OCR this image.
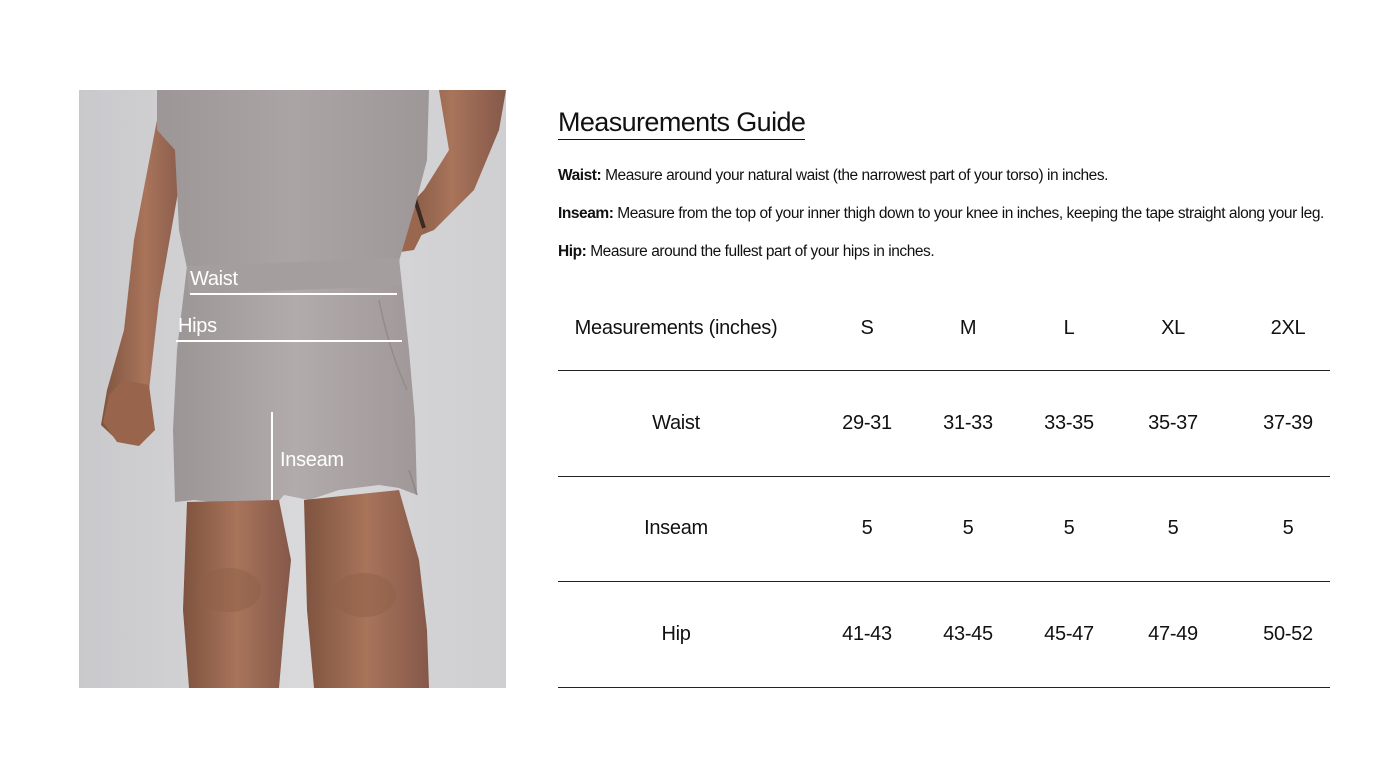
Waist
Hips
Inseam
Measurements Guide
Waist: Measure around your natural waist (the narrowest part of your torso) in inches.
Inseam: Measure from the top of your inner thigh down to your knee in inches, keeping the tape straight along your leg.
Hip: Measure around the fullest part of your hips in inches.
Measurements (inches)	S	M	L	XL	2XL
Waist	29-31	31-33	33-35	35-37	37-39
Inseam	5	5	5	5	5
Hip	41-43	43-45	45-47	47-49	50-52
